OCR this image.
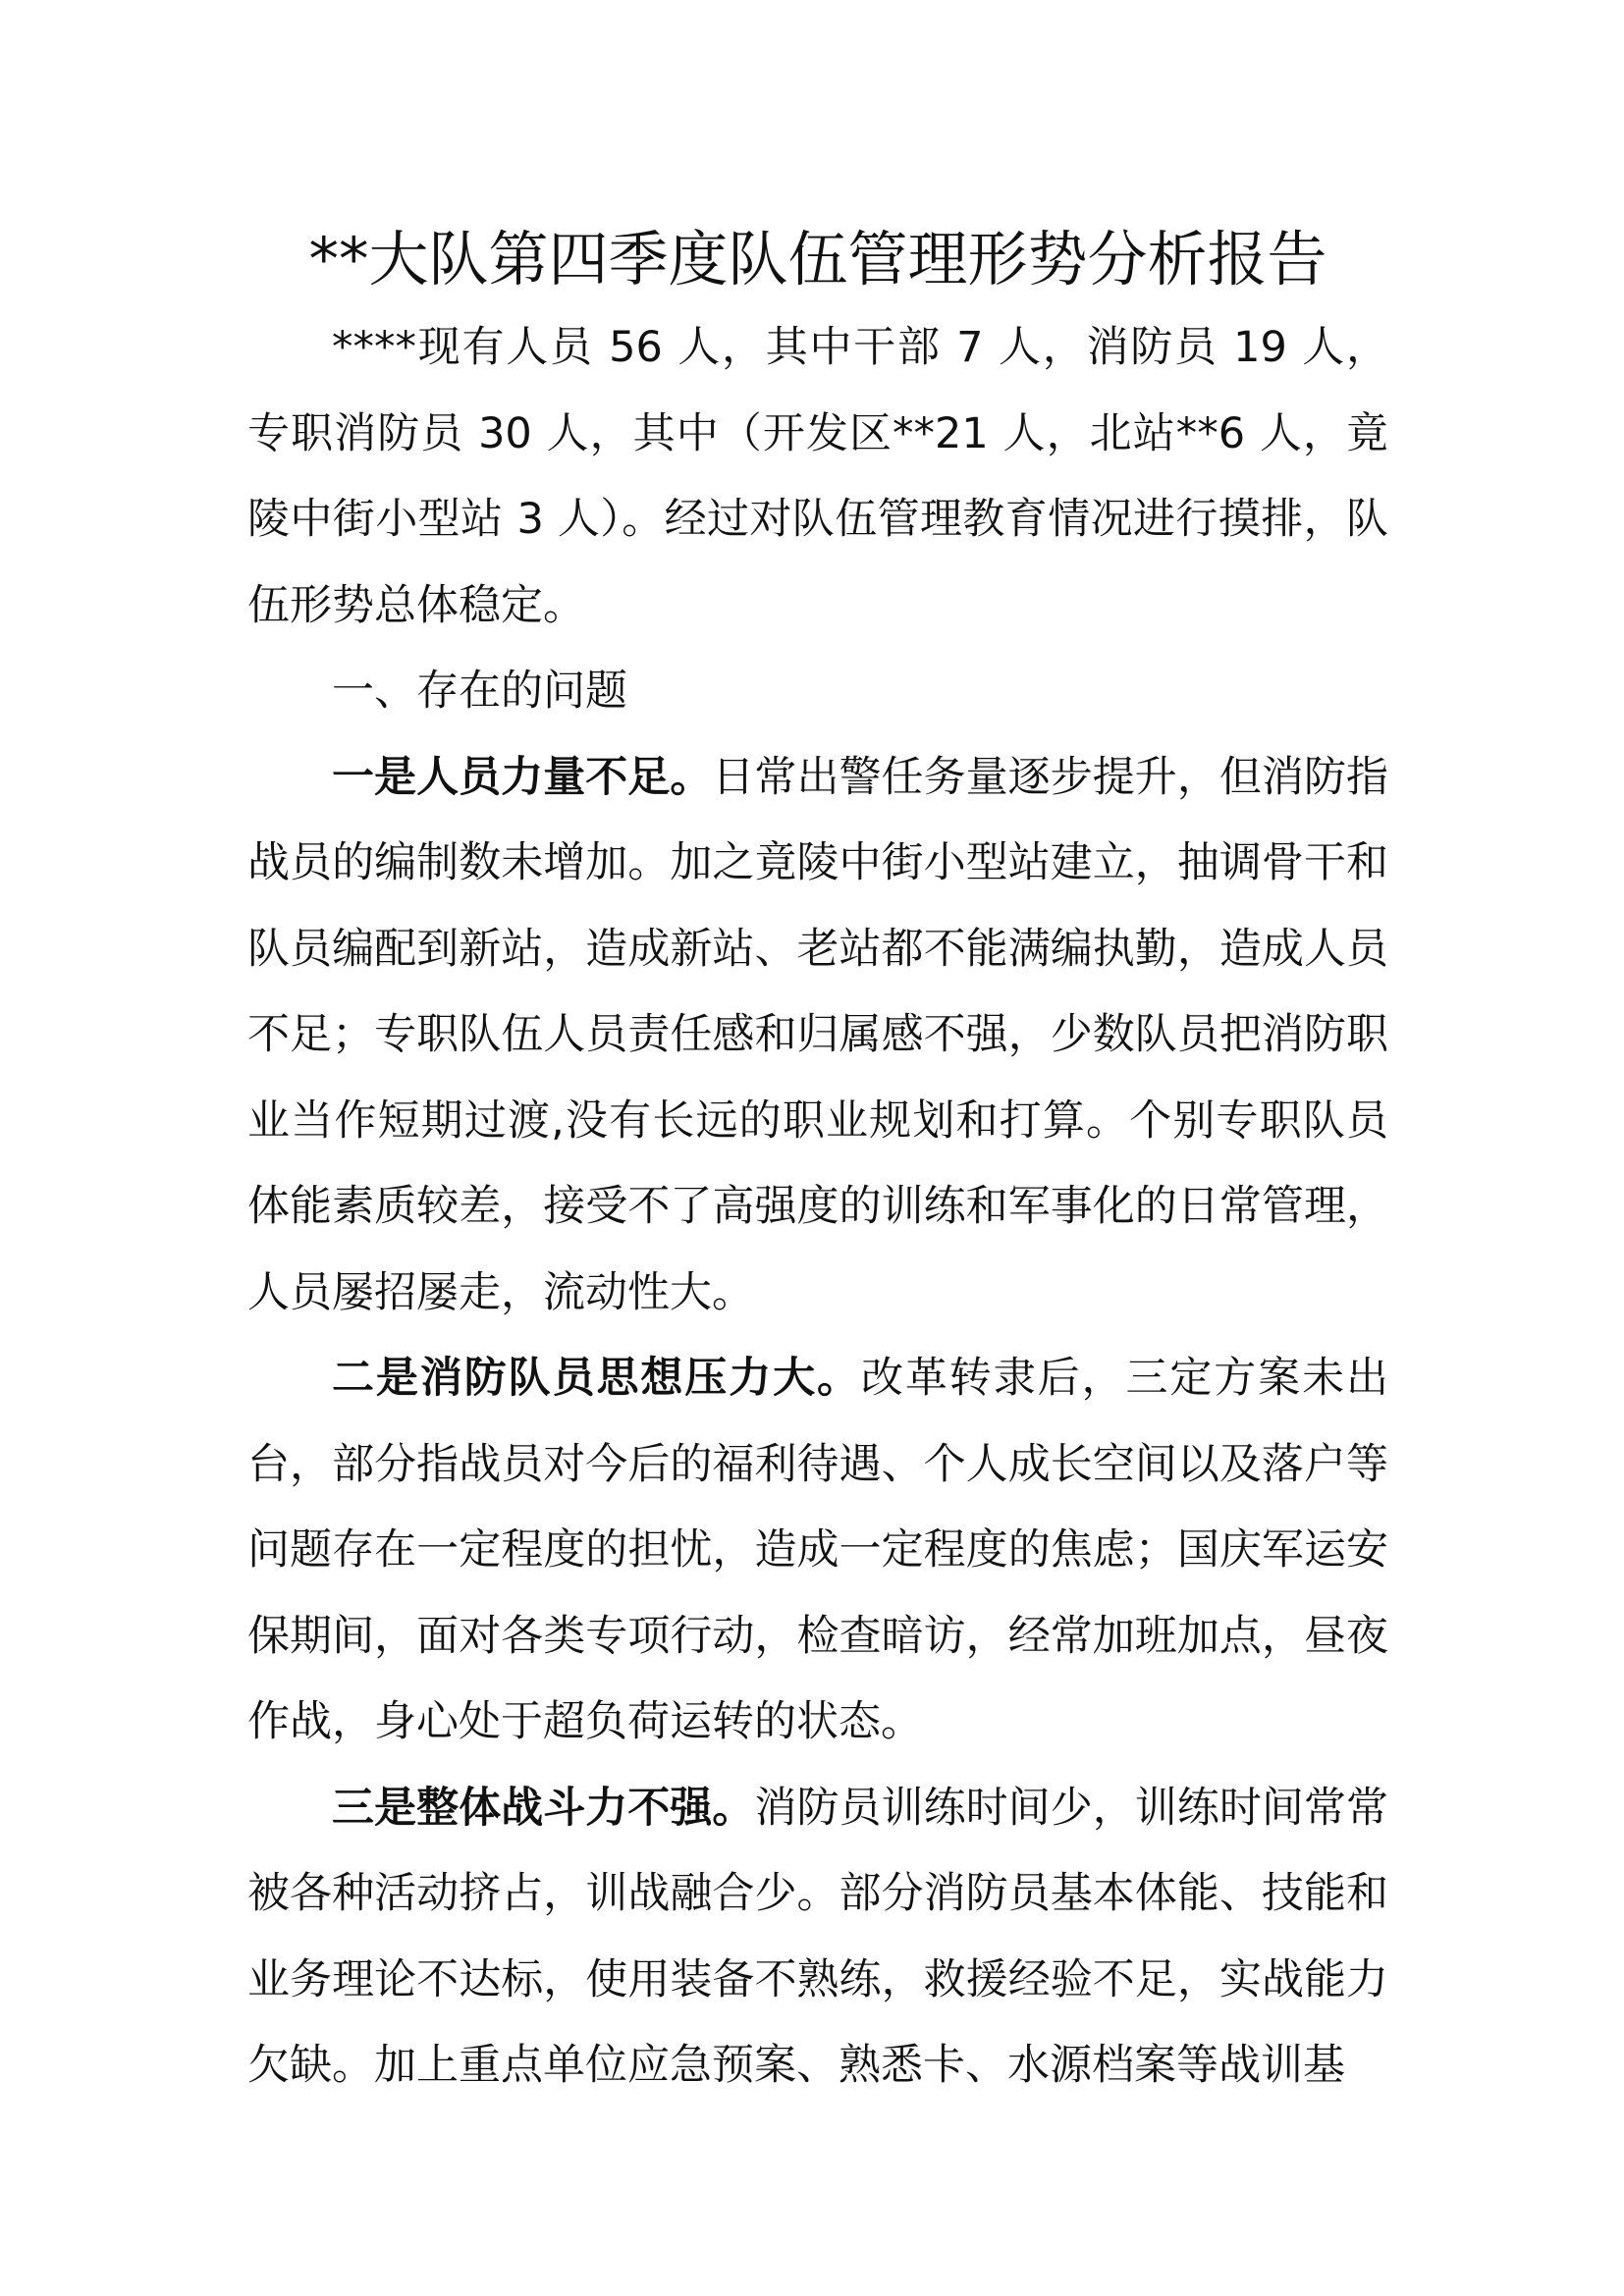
**大队第四季度队伍管理形势分析报告

****现有人员 56 人，其中干部 7 人，消防员 19 人，专职消防员 30 人，其中（开发区**21 人，北站**6 人，竟陵中街小型站 3 人）。经过对队伍管理教育情况进行摸排，队伍形势总体稳定。

一、存在的问题

一是人员力量不足。日常出警任务量逐步提升，但消防指战员的编制数未增加。加之竟陵中街小型站建立，抽调骨干和队员编配到新站，造成新站、老站都不能满编执勤，造成人员不足；专职队伍人员责任感和归属感不强，少数队员把消防职业当作短期过渡,没有长远的职业规划和打算。个别专职队员体能素质较差，接受不了高强度的训练和军事化的日常管理，人员屡招屡走，流动性大。

二是消防队员思想压力大。改革转隶后，三定方案未出台，部分指战员对今后的福利待遇、个人成长空间以及落户等问题存在一定程度的担忧，造成一定程度的焦虑；国庆军运安保期间，面对各类专项行动，检查暗访，经常加班加点，昼夜作战，身心处于超负荷运转的状态。

三是整体战斗力不强。消防员训练时间少，训练时间常常被各种活动挤占，训战融合少。部分消防员基本体能、技能和业务理论不达标，使用装备不熟练，救援经验不足，实战能力欠缺。加上重点单位应急预案、熟悉卡、水源档案等战训基
